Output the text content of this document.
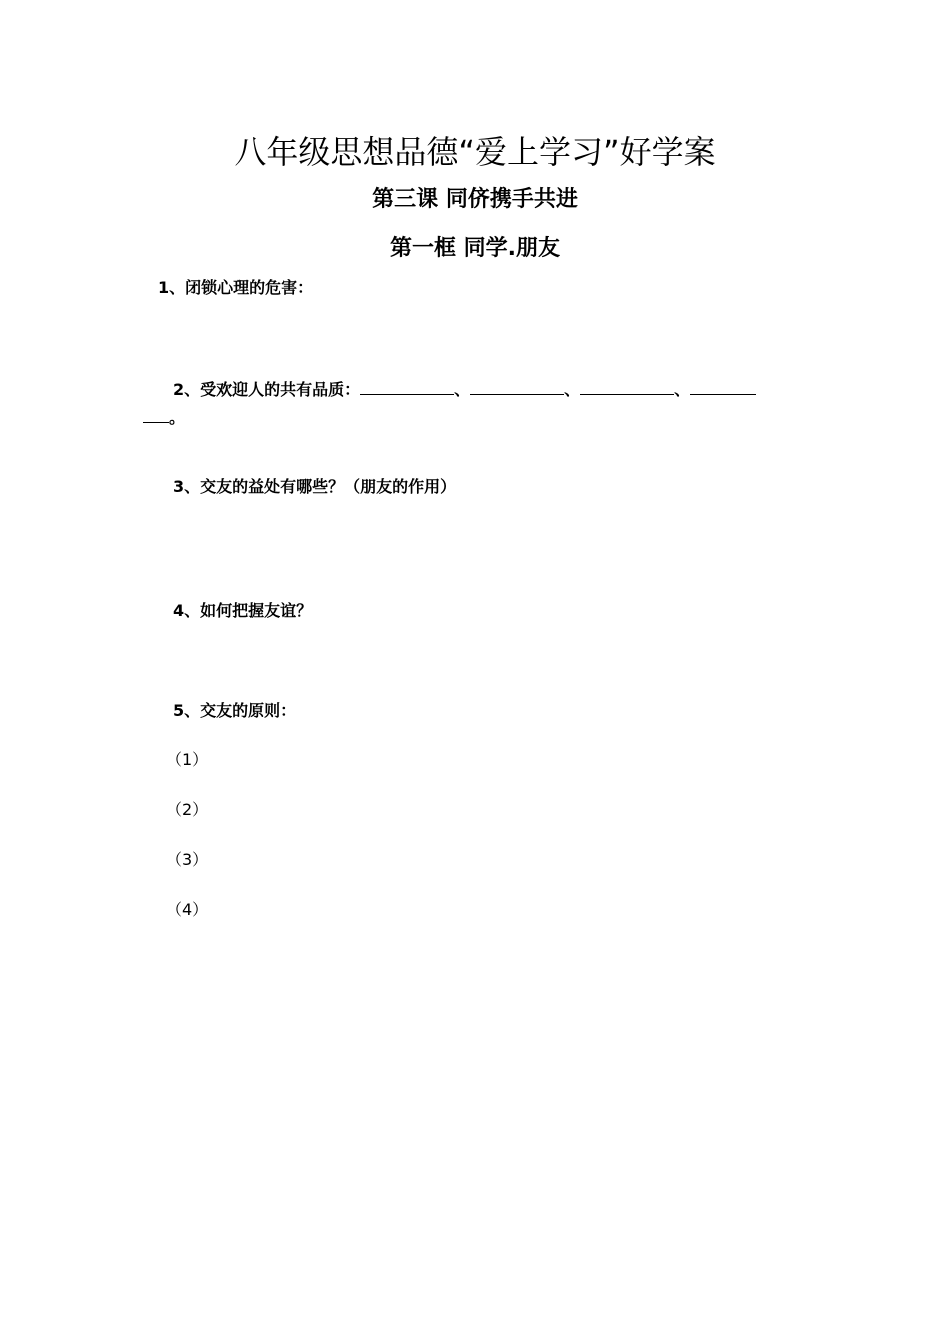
八年级思想品德“爱上学习”好学案
第三课 同侪携手共进
第一框 同学.朋友
1、闭锁心理的危害：
2、受欢迎人的共有品质：	、	、	、
。
3、交友的益处有哪些？（朋友的作用）
4、如何把握友谊？
5、交友的原则：
（1）
（2）
（3）
（4）
